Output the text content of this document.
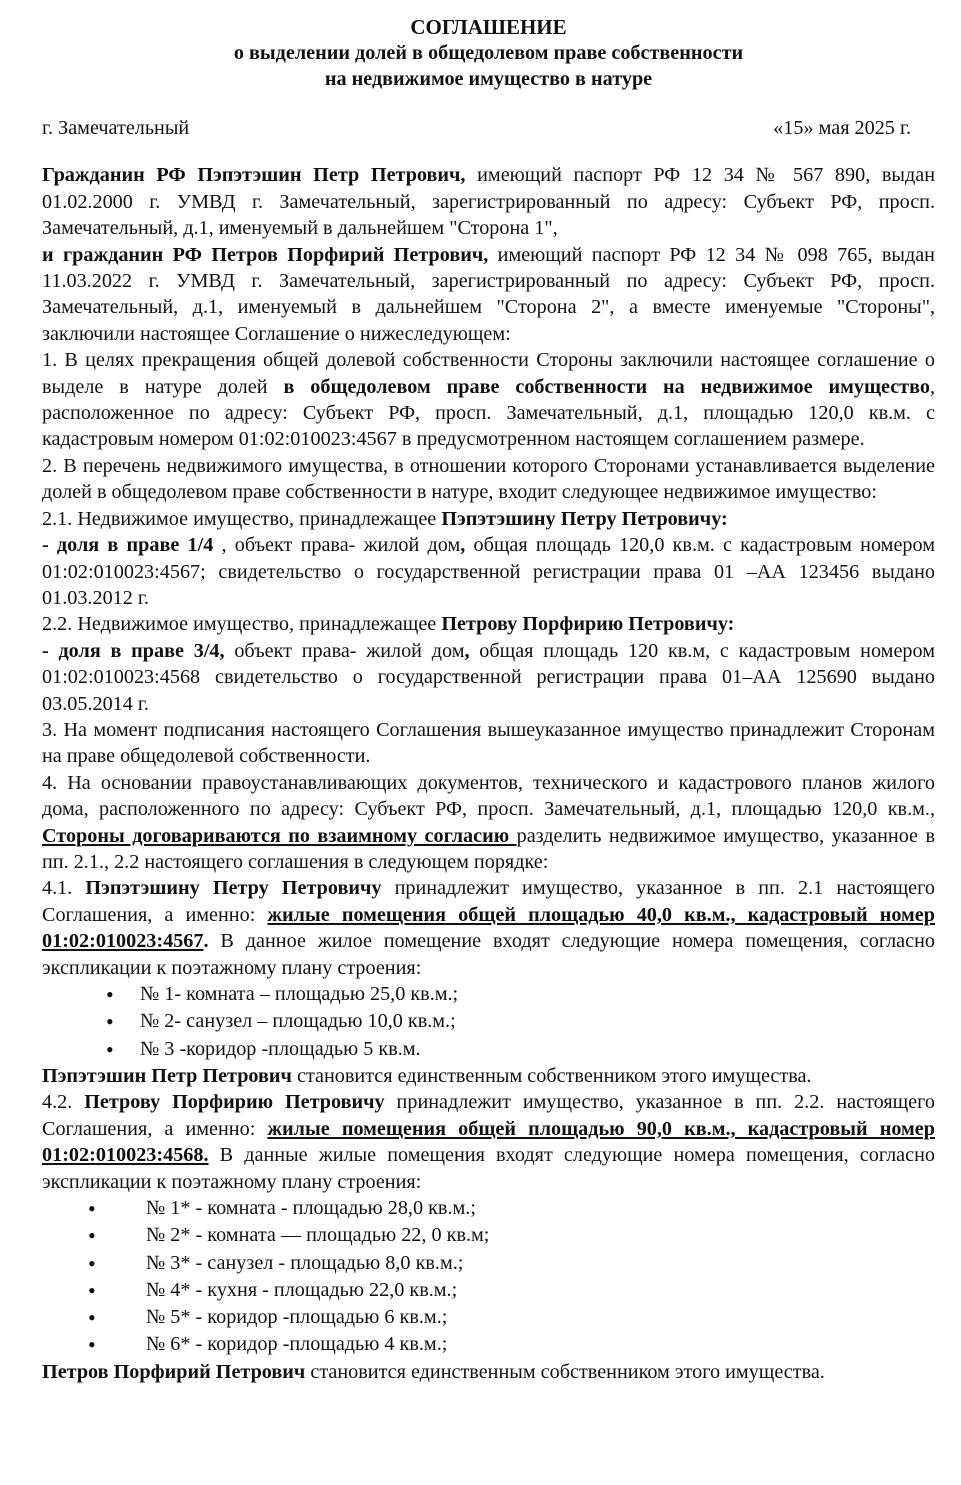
СОГЛАШЕНИЕ
о выделении долей в общедолевом праве собственности
на недвижимое имущество в натуре
г. Замечательный	«15» мая 2025 г.
Гражданин РФ Пэпэтэшин Петр Петрович, имеющий паспорт РФ 12 34 № 567 890, выдан 01.02.2000 г. УМВД г. Замечательный, зарегистрированный по адресу: Субъект РФ, просп. Замечательный, д.1, именуемый в дальнейшем "Сторона 1",
и гражданин РФ Петров Порфирий Петрович, имеющий паспорт РФ 12 34 № 098 765, выдан 11.03.2022 г. УМВД г. Замечательный, зарегистрированный по адресу: Субъект РФ, просп. Замечательный, д.1, именуемый в дальнейшем "Сторона 2", а вместе именуемые "Стороны", заключили настоящее Соглашение о нижеследующем:
1. В целях прекращения общей долевой собственности Стороны заключили настоящее соглашение о выделе в натуре долей в общедолевом праве собственности на недвижимое имущество, расположенное по адресу: Субъект РФ, просп. Замечательный, д.1, площадью 120,0 кв.м. с кадастровым номером 01:02:010023:4567 в предусмотренном настоящем соглашением размере.
2. В перечень недвижимого имущества, в отношении которого Сторонами устанавливается выделение долей в общедолевом праве собственности в натуре, входит следующее недвижимое имущество:
2.1. Недвижимое имущество, принадлежащее Пэпэтэшину Петру Петровичу:
- доля в праве 1/4 , объект права- жилой дом, общая площадь 120,0 кв.м. с кадастровым номером 01:02:010023:4567; свидетельство о государственной регистрации права 01 –АА 123456 выдано 01.03.2012 г.
2.2. Недвижимое имущество, принадлежащее Петрову Порфирию Петровичу:
- доля в праве 3/4, объект права- жилой дом, общая площадь 120 кв.м, с кадастровым номером 01:02:010023:4568 свидетельство о государственной регистрации права 01–АА 125690 выдано 03.05.2014 г.
3. На момент подписания настоящего Соглашения вышеуказанное имущество принадлежит Сторонам на праве общедолевой собственности.
4. На основании правоустанавливающих документов, технического и кадастрового планов жилого дома, расположенного по адресу: Субъект РФ, просп. Замечательный, д.1, площадью 120,0 кв.м., Стороны договариваются по взаимному согласию разделить недвижимое имущество, указанное в пп. 2.1., 2.2 настоящего соглашения в следующем порядке:
4.1. Пэпэтэшину Петру Петровичу принадлежит имущество, указанное в пп. 2.1 настоящего Соглашения, а именно: жилые помещения общей площадью 40,0 кв.м., кадастровый номер 01:02:010023:4567. В данное жилое помещение входят следующие номера помещения, согласно экспликации к поэтажному плану строения:
• № 1- комната – площадью 25,0 кв.м.;
• № 2- санузел – площадью 10,0 кв.м.;
• № 3 -коридор -площадью 5 кв.м.
Пэпэтэшин Петр Петрович становится единственным собственником этого имущества.
4.2. Петрову Порфирию Петровичу принадлежит имущество, указанное в пп. 2.2. настоящего Соглашения, а именно: жилые помещения общей площадью 90,0 кв.м., кадастровый номер 01:02:010023:4568. В данные жилые помещения входят следующие номера помещения, согласно экспликации к поэтажному плану строения:
• № 1* - комната - площадью 28,0 кв.м.;
• № 2* - комната — площадью 22, 0 кв.м;
• № 3* - санузел - площадью 8,0 кв.м.;
• № 4* - кухня - площадью 22,0 кв.м.;
• № 5* - коридор -площадью 6 кв.м.;
• № 6* - коридор -площадью 4 кв.м.;
Петров Порфирий Петрович становится единственным собственником этого имущества.
